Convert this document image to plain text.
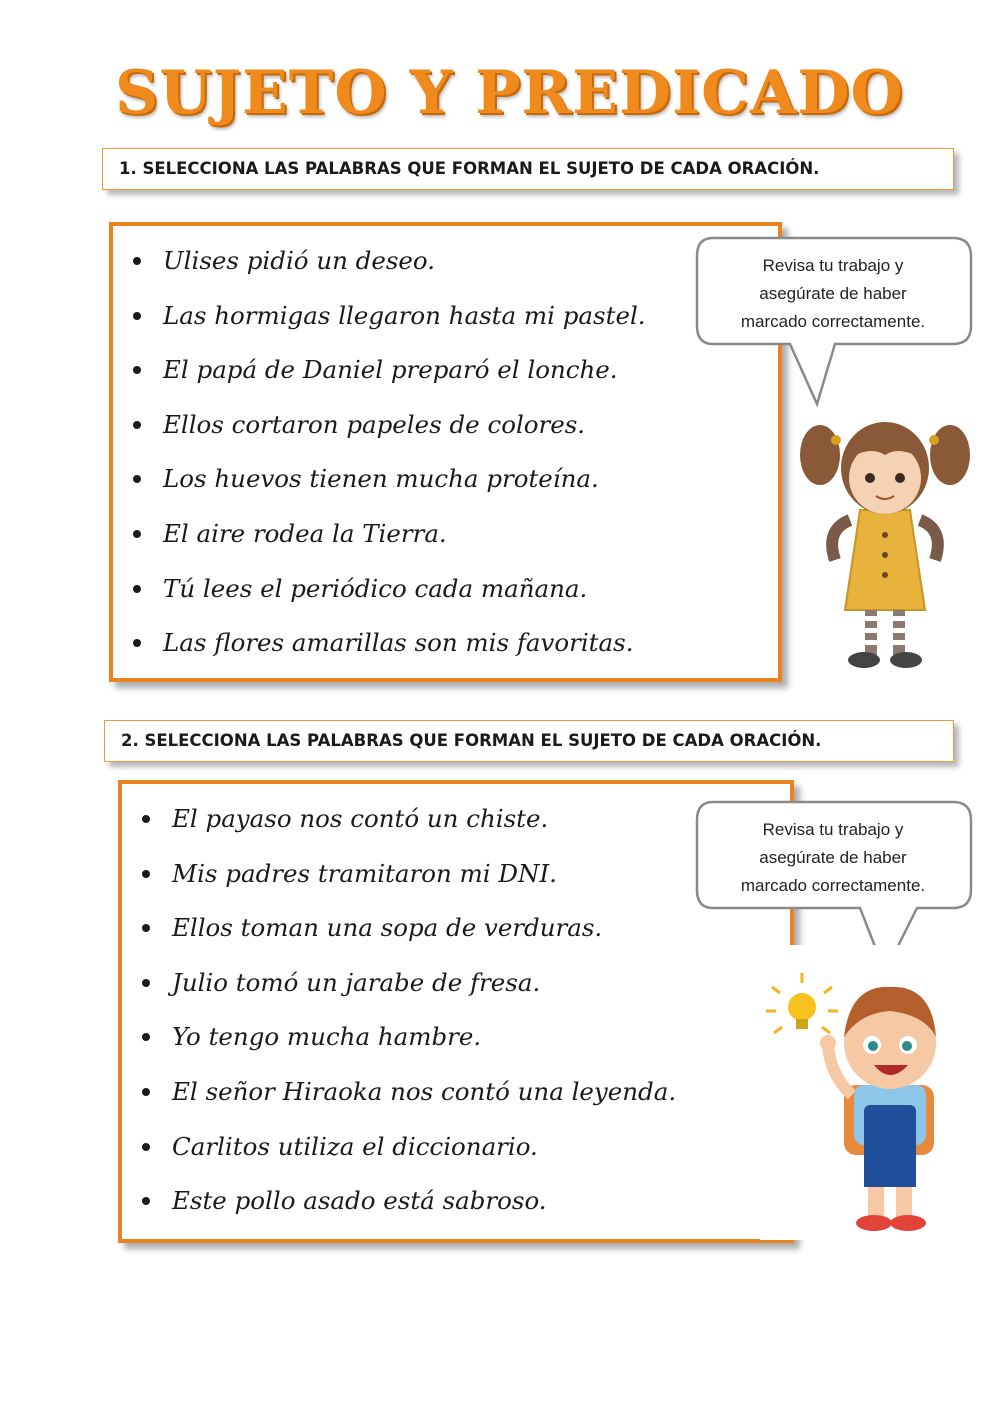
SUJETO Y PREDICADO
1. SELECCIONA LAS PALABRAS QUE FORMAN EL SUJETO DE CADA ORACIÓN.
Ulises pidió un deseo.
Las hormigas llegaron hasta mi pastel.
El papá de Daniel preparó el lonche.
Ellos cortaron papeles de colores.
Los huevos tienen mucha proteína.
El aire rodea la Tierra.
Tú lees el periódico cada mañana.
Las flores amarillas son mis favoritas.
Revisa tu trabajo y
asegúrate de haber
marcado correctamente.
2. SELECCIONA LAS PALABRAS QUE FORMAN EL SUJETO DE CADA ORACIÓN.
El payaso nos contó un chiste.
Mis padres tramitaron mi DNI.
Ellos toman una sopa de verduras.
Julio tomó un jarabe de fresa.
Yo tengo mucha hambre.
El señor Hiraoka nos contó una leyenda.
Carlitos utiliza el diccionario.
Este pollo asado está sabroso.
Revisa tu trabajo y
asegúrate de haber
marcado correctamente.
